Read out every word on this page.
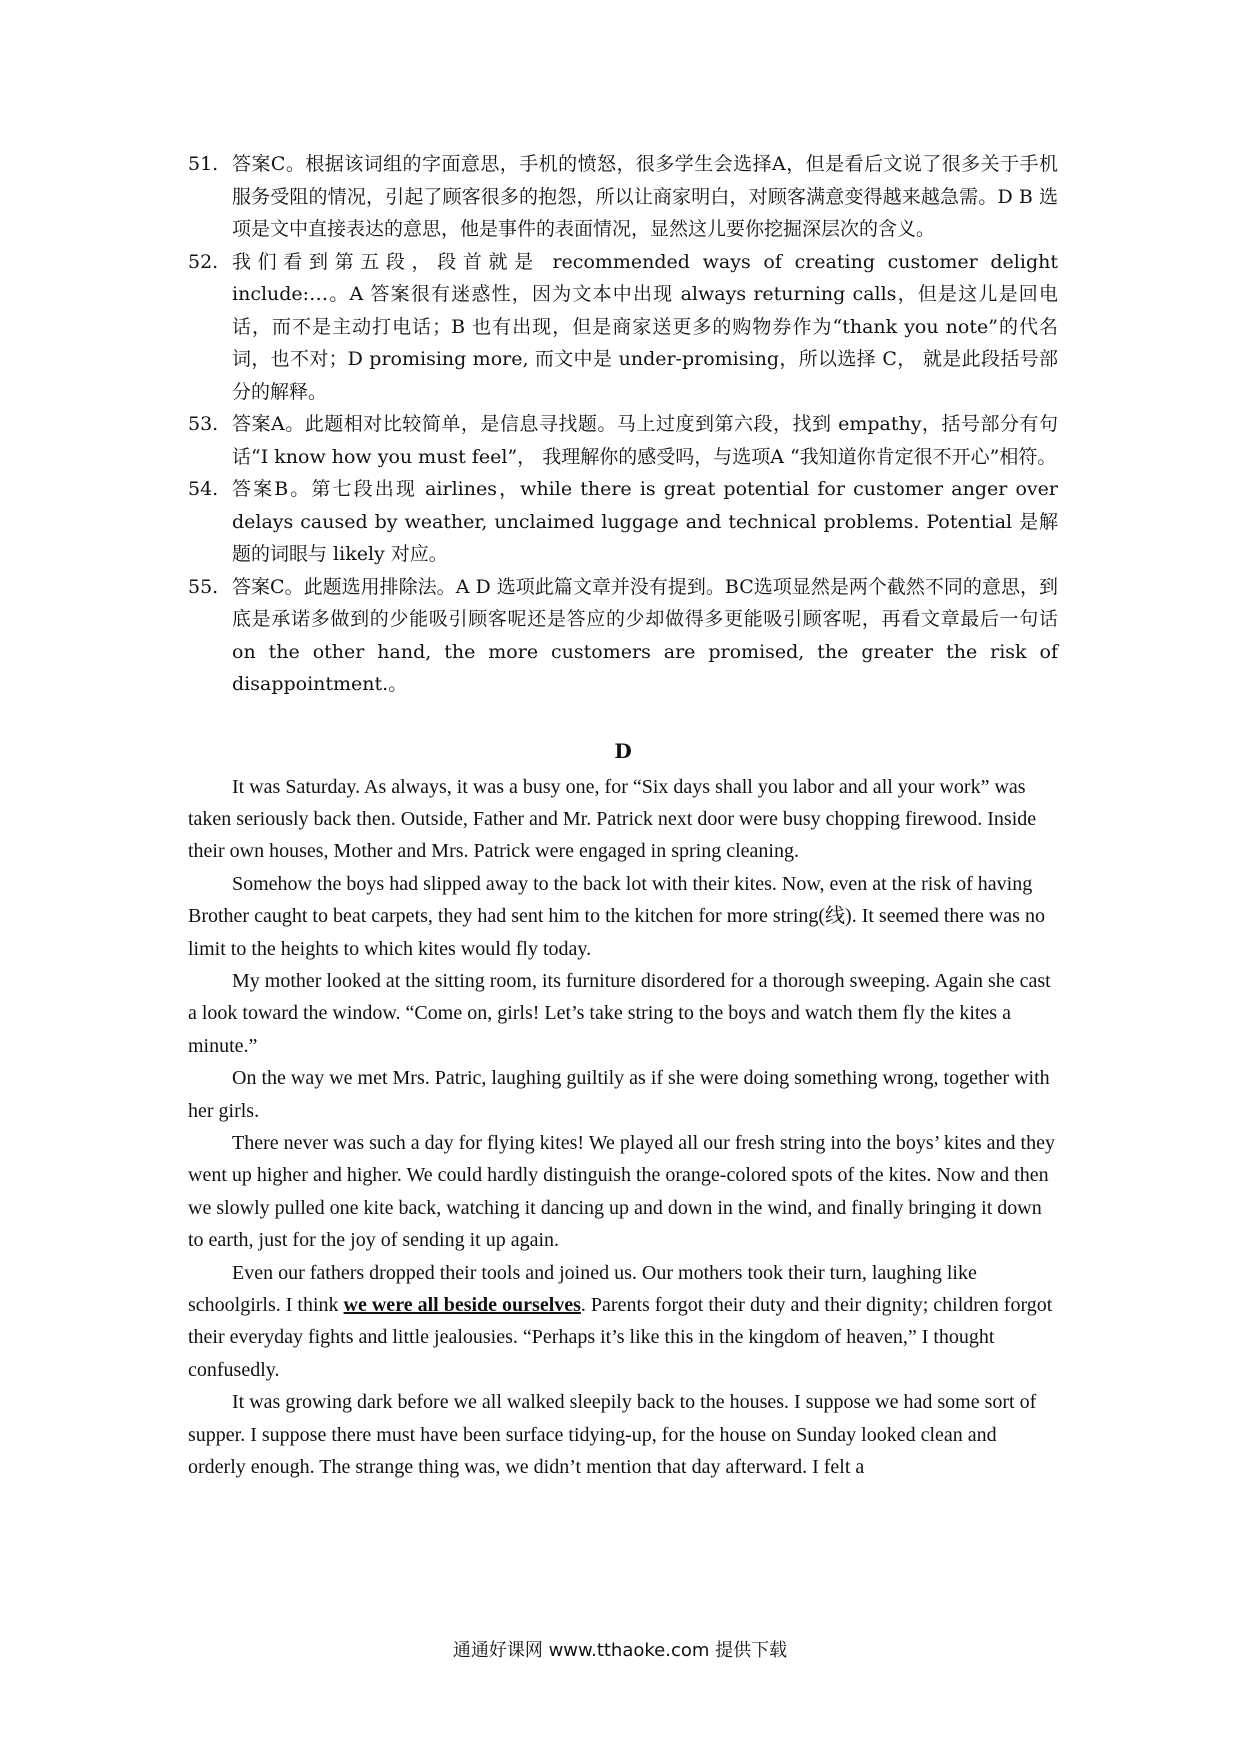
51. 答案C。根据该词组的字面意思，手机的愤怒，很多学生会选择A，但是看后文说了很多关于手机服务受阻的情况，引起了顾客很多的抱怨，所以让商家明白，对顾客满意变得越来越急需。D B 选项是文中直接表达的意思，他是事件的表面情况，显然这儿要你挖掘深层次的含义。

52. 我们看到第五段，段首就是 recommended ways of creating customer delight include:…。A 答案很有迷惑性，因为文本中出现 always returning calls，但是这儿是回电话，而不是主动打电话；B 也有出现，但是商家送更多的购物券作为“thank you note”的代名词，也不对；D promising more, 而文中是 under-promising，所以选择 C， 就是此段括号部分的解释。

53. 答案A。此题相对比较简单，是信息寻找题。马上过度到第六段，找到 empathy，括号部分有句话“I know how you must feel”， 我理解你的感受吗，与选项A “我知道你肯定很不开心”相符。

54. 答案B。第七段出现 airlines，while there is great potential for customer anger over delays caused by weather, unclaimed luggage and technical problems. Potential 是解题的词眼与 likely 对应。

55. 答案C。此题选用排除法。A D 选项此篇文章并没有提到。BC选项显然是两个截然不同的意思，到底是承诺多做到的少能吸引顾客呢还是答应的少却做得多更能吸引顾客呢，再看文章最后一句话 on the other hand, the more customers are promised, the greater the risk of disappointment.。

D

It was Saturday. As always, it was a busy one, for “Six days shall you labor and all your work” was taken seriously back then. Outside, Father and Mr. Patrick next door were busy chopping firewood. Inside their own houses, Mother and Mrs. Patrick were engaged in spring cleaning.

Somehow the boys had slipped away to the back lot with their kites. Now, even at the risk of having Brother caught to beat carpets, they had sent him to the kitchen for more string(线). It seemed there was no limit to the heights to which kites would fly today.

My mother looked at the sitting room, its furniture disordered for a thorough sweeping. Again she cast a look toward the window. “Come on, girls! Let’s take string to the boys and watch them fly the kites a minute.”

On the way we met Mrs. Patric, laughing guiltily as if she were doing something wrong, together with her girls.

There never was such a day for flying kites! We played all our fresh string into the boys’ kites and they went up higher and higher. We could hardly distinguish the orange-colored spots of the kites. Now and then we slowly pulled one kite back, watching it dancing up and down in the wind, and finally bringing it down to earth, just for the joy of sending it up again.

Even our fathers dropped their tools and joined us. Our mothers took their turn, laughing like schoolgirls. I think we were all beside ourselves. Parents forgot their duty and their dignity; children forgot their everyday fights and little jealousies. “Perhaps it’s like this in the kingdom of heaven,” I thought confusedly.

It was growing dark before we all walked sleepily back to the houses. I suppose we had some sort of supper. I suppose there must have been surface tidying-up, for the house on Sunday looked clean and orderly enough. The strange thing was, we didn’t mention that day afterward. I felt a

通通好课网 www.tthaoke.com 提供下载
